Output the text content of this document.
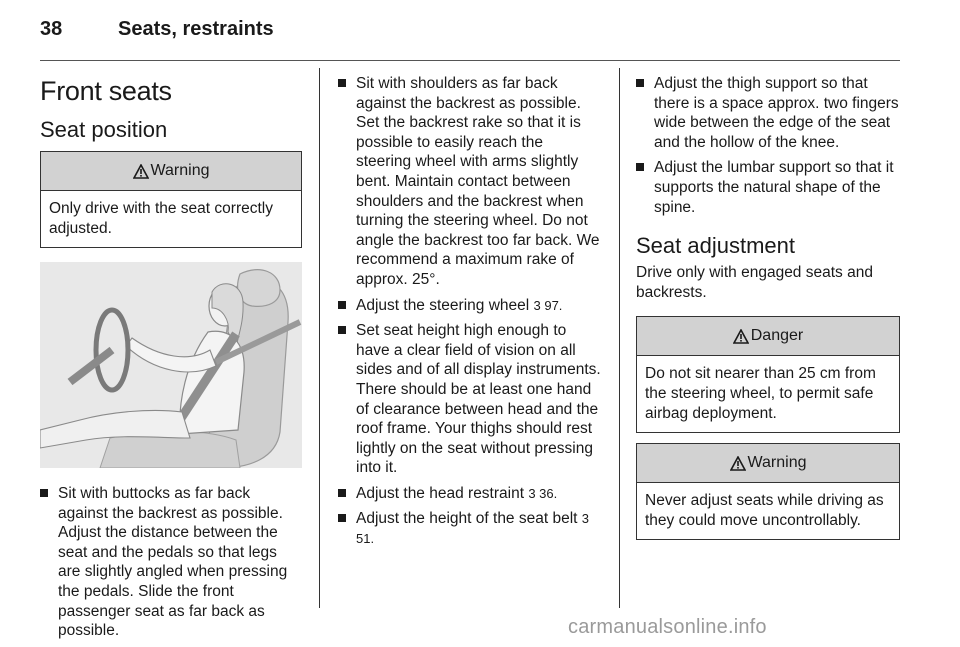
38	Seats, restraints
Front seats
Seat position
Warning
Only drive with the seat correctly adjusted.
Sit with buttocks as far back against the backrest as possible. Adjust the distance between the seat and the pedals so that legs are slightly angled when pressing the pedals. Slide the front passenger seat as far back as possible.
Sit with shoulders as far back against the backrest as possible. Set the backrest rake so that it is possible to easily reach the steering wheel with arms slightly bent. Maintain contact between shoulders and the backrest when turning the steering wheel. Do not angle the backrest too far back. We recommend a maximum rake of approx. 25°.
Adjust the steering wheel 3 97.
Set seat height high enough to have a clear field of vision on all sides and of all display instruments. There should be at least one hand of clearance between head and the roof frame. Your thighs should rest lightly on the seat without pressing into it.
Adjust the head restraint 3 36.
Adjust the height of the seat belt 3 51.
Adjust the thigh support so that there is a space approx. two fingers wide between the edge of the seat and the hollow of the knee.
Adjust the lumbar support so that it supports the natural shape of the spine.
Seat adjustment

Drive only with engaged seats and backrests.

Danger
Do not sit nearer than 25 cm from the steering wheel, to permit safe airbag deployment.
Warning
Never adjust seats while driving as they could move uncontrollably.
carmanualsonline.info
